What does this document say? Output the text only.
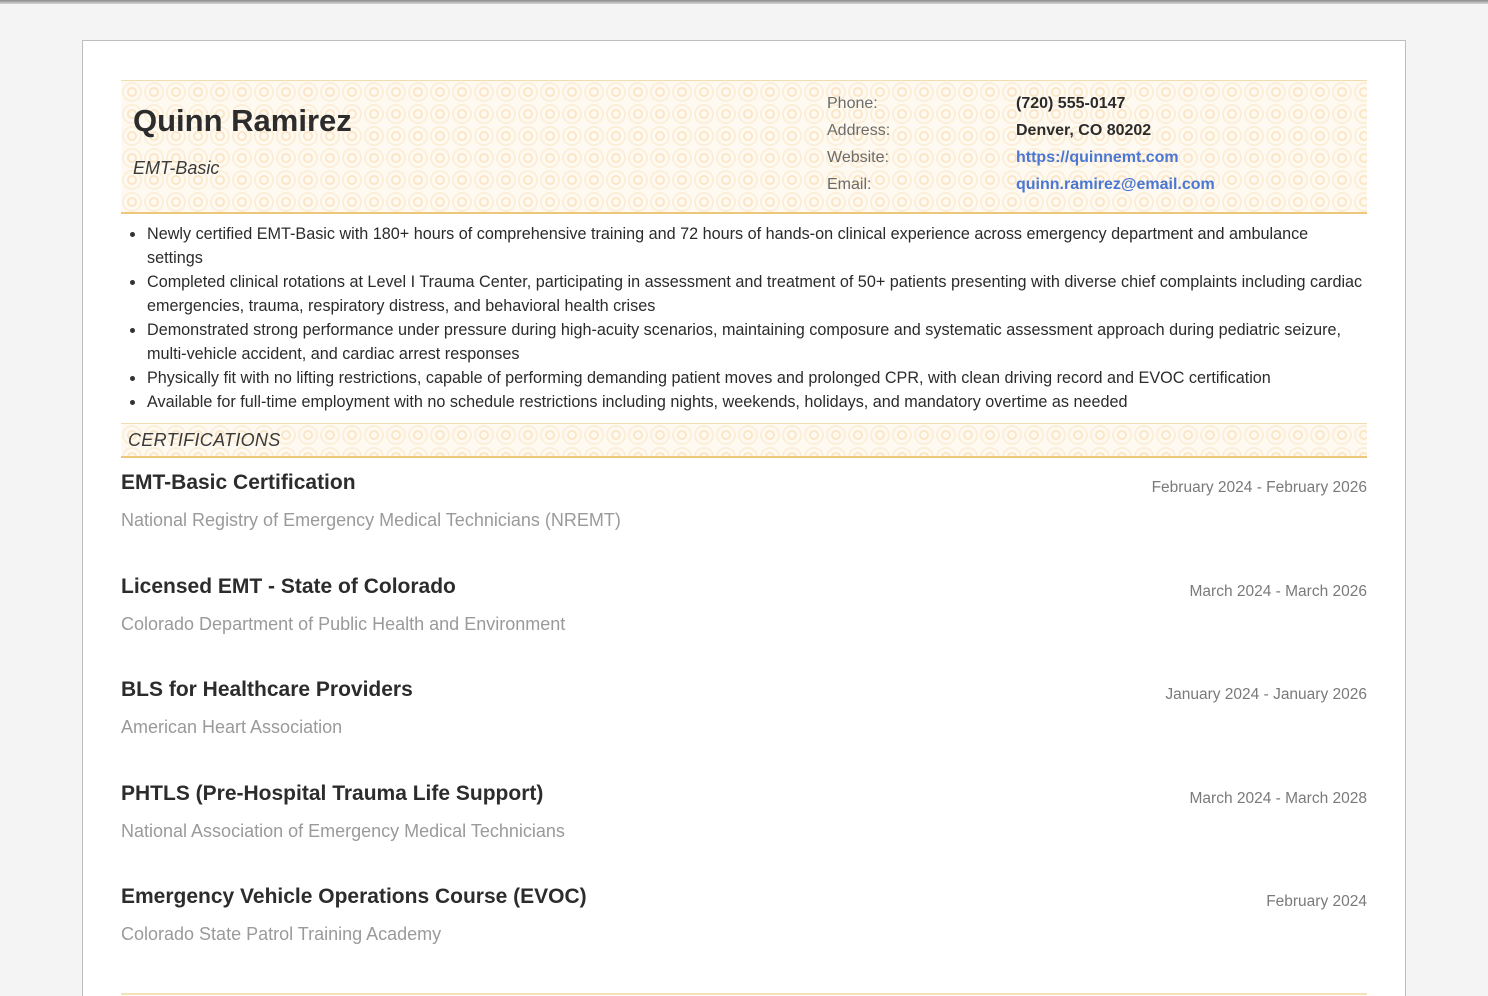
Quinn Ramirez
EMT-Basic
Phone:	(720) 555-0147
Address:	Denver, CO 80202
Website:	https://quinnemt.com
Email:	quinn.ramirez@email.com
Newly certified EMT-Basic with 180+ hours of comprehensive training and 72 hours of hands-on clinical experience across emergency department and ambulance settings
Completed clinical rotations at Level I Trauma Center, participating in assessment and treatment of 50+ patients presenting with diverse chief complaints including cardiac emergencies, trauma, respiratory distress, and behavioral health crises
Demonstrated strong performance under pressure during high-acuity scenarios, maintaining composure and systematic assessment approach during pediatric seizure, multi-vehicle accident, and cardiac arrest responses
Physically fit with no lifting restrictions, capable of performing demanding patient moves and prolonged CPR, with clean driving record and EVOC certification
Available for full-time employment with no schedule restrictions including nights, weekends, holidays, and mandatory overtime as needed
CERTIFICATIONS
EMT-Basic Certification	February 2024 - February 2026
National Registry of Emergency Medical Technicians (NREMT)
Licensed EMT - State of Colorado	March 2024 - March 2026
Colorado Department of Public Health and Environment
BLS for Healthcare Providers	January 2024 - January 2026
American Heart Association
PHTLS (Pre-Hospital Trauma Life Support)	March 2024 - March 2028
National Association of Emergency Medical Technicians
Emergency Vehicle Operations Course (EVOC)	February 2024
Colorado State Patrol Training Academy
